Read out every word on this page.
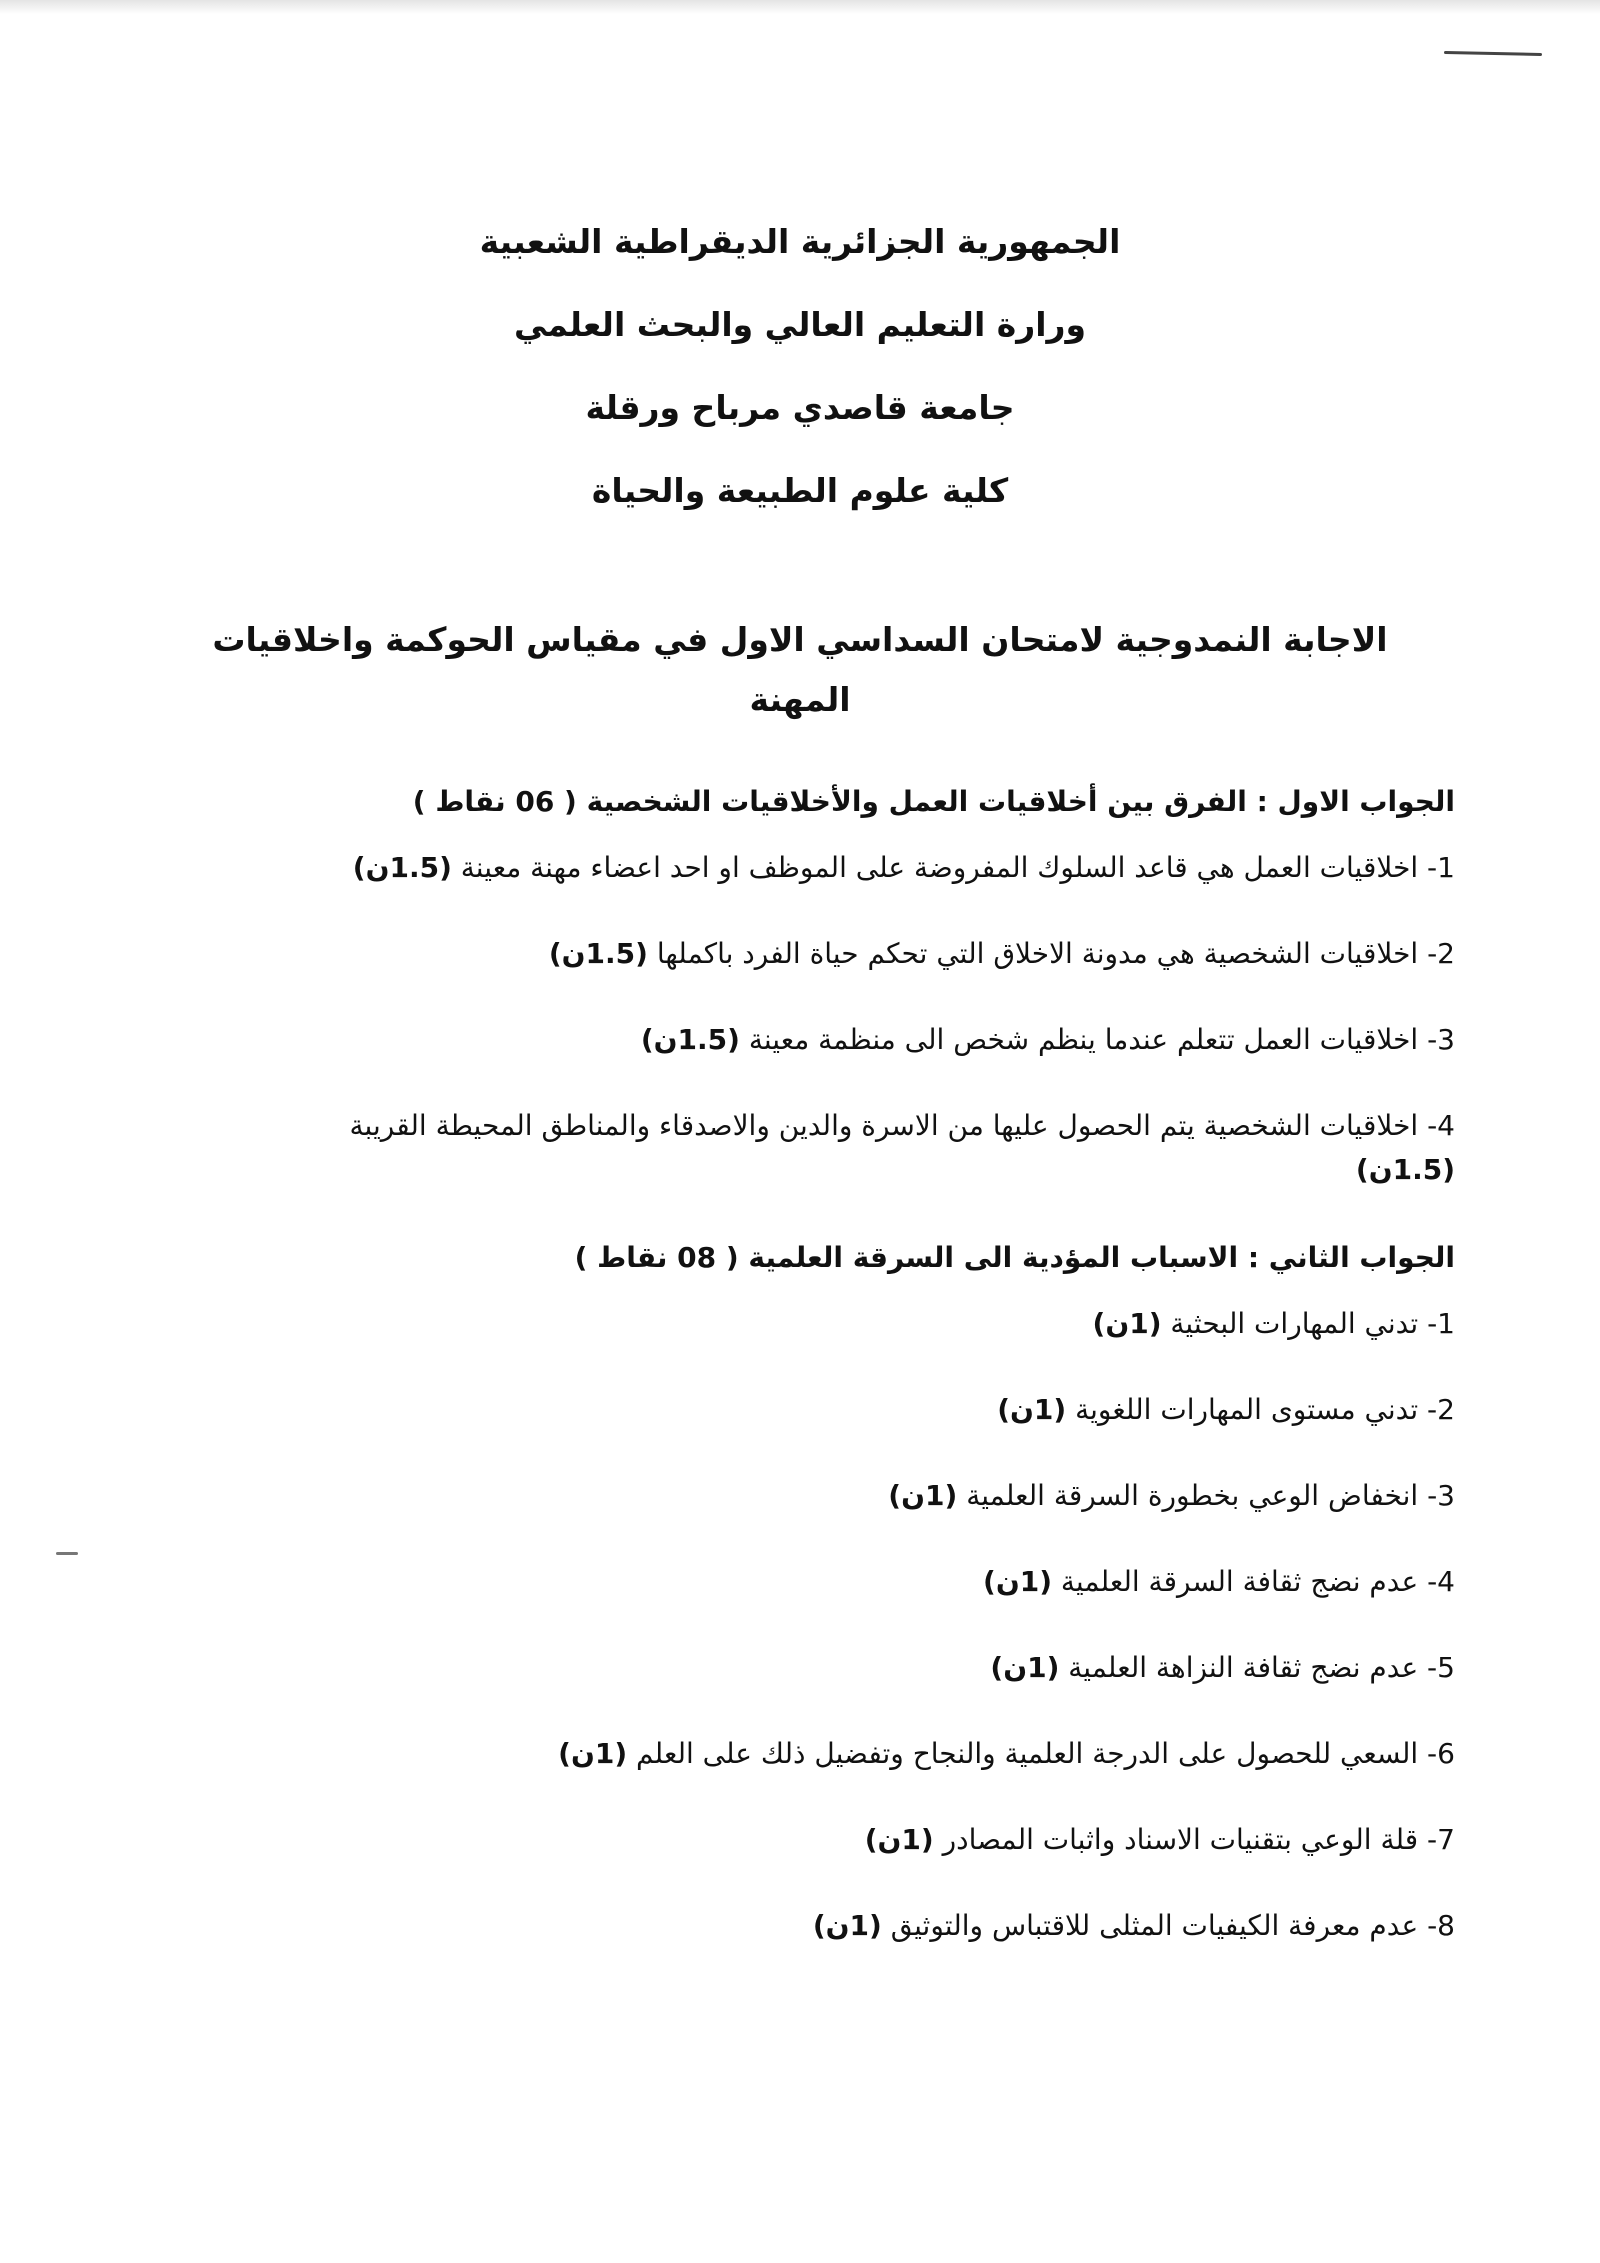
الجمهورية الجزائرية الديقراطية الشعبية
ورارة التعليم العالي والبحث العلمي
جامعة قاصدي مرباح ورقلة
كلية علوم الطبيعة والحياة
الاجابة النمدوجية لامتحان السداسي الاول في مقياس الحوكمة واخلاقيات المهنة
الجواب الاول : الفرق بين أخلاقيات العمل والأخلاقيات الشخصية ( 06 نقاط )
1- اخلاقيات العمل هي قاعد السلوك المفروضة على الموظف او احد اعضاء مهنة معينة (1.5ن)
2- اخلاقيات الشخصية هي مدونة الاخلاق التي تحكم حياة الفرد باكملها (1.5ن)
3- اخلاقيات العمل تتعلم عندما ينظم شخص الى منظمة معينة (1.5ن)
4- اخلاقيات الشخصية يتم الحصول عليها من الاسرة والدين والاصدقاء والمناطق المحيطة القريبة (1.5ن)
الجواب الثاني : الاسباب المؤدية الى السرقة العلمية ( 08 نقاط )
1- تدني المهارات البحثية (1ن)
2- تدني مستوى المهارات اللغوية (1ن)
3- انخفاض الوعي بخطورة السرقة العلمية (1ن)
4- عدم نضج ثقافة السرقة العلمية (1ن)
5- عدم نضج ثقافة النزاهة العلمية (1ن)
6- السعي للحصول على الدرجة العلمية والنجاح وتفضيل ذلك على العلم (1ن)
7- قلة الوعي بتقنيات الاسناد واثبات المصادر (1ن)
8- عدم معرفة الكيفيات المثلى للاقتباس والتوثيق (1ن)
